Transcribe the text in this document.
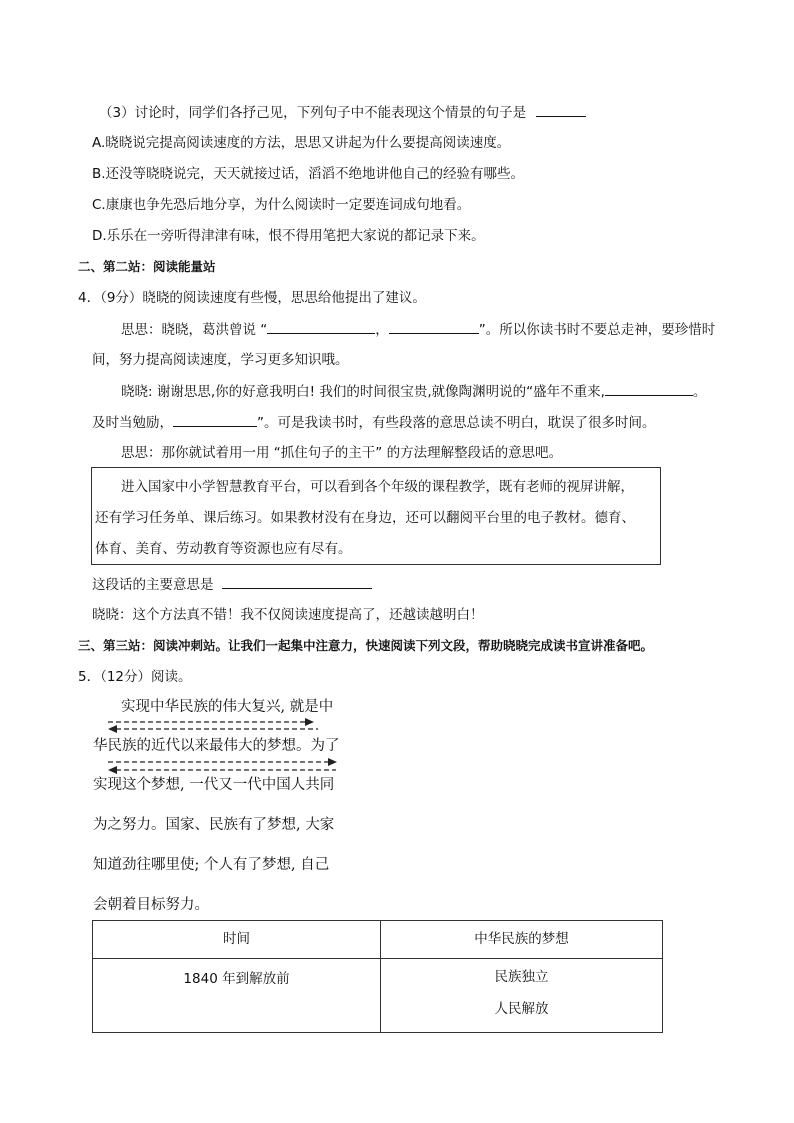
（3）讨论时，同学们各抒己见，下列句子中不能表现这个情景的句子是
A.晓晓说完提高阅读速度的方法，思思又讲起为什么要提高阅读速度。
B.还没等晓晓说完，天天就接过话，滔滔不绝地讲他自己的经验有哪些。
C.康康也争先恐后地分享，为什么阅读时一定要连词成句地看。
D.乐乐在一旁听得津津有味，恨不得用笔把大家说的都记录下来。
二、第二站：阅读能量站
4．（9分）晓晓的阅读速度有些慢，思思给他提出了建议。
思思：晓晓，葛洪曾说 “	，	”。所以你读书时不要总走神，要珍惜时
间，努力提高阅读速度，学习更多知识哦。
晓晓: 谢谢思思,你的好意我明白! 我们的时间很宝贵,就像陶渊明说的“盛年不重来,	。
及时当勉励，	”。可是我读书时，有些段落的意思总读不明白，耽误了很多时间。
思思：那你就试着用一用 “抓住句子的主干” 的方法理解整段话的意思吧。
进入国家中小学智慧教育平台，可以看到各个年级的课程教学，既有老师的视屏讲解，
还有学习任务单、课后练习。如果教材没有在身边，还可以翻阅平台里的电子教材。德育、
体育、美育、劳动教育等资源也应有尽有。
这段话的主要意思是
晓晓：这个方法真不错！我不仅阅读速度提高了，还越读越明白！
三、第三站：阅读冲刺站。让我们一起集中注意力，快速阅读下列文段，帮助晓晓完成读书宣讲准备吧。
5．（12分）阅读。
实现中华民族的伟大复兴, 就是中
华民族的近代以来最伟大的梦想。为了
实现这个梦想, 一代又一代中国人共同
为之努力。国家、民族有了梦想, 大家
知道劲往哪里使; 个人有了梦想, 自己
会朝着目标努力。
时间	中华民族的梦想
1840 年到解放前	民族独立
人民解放
